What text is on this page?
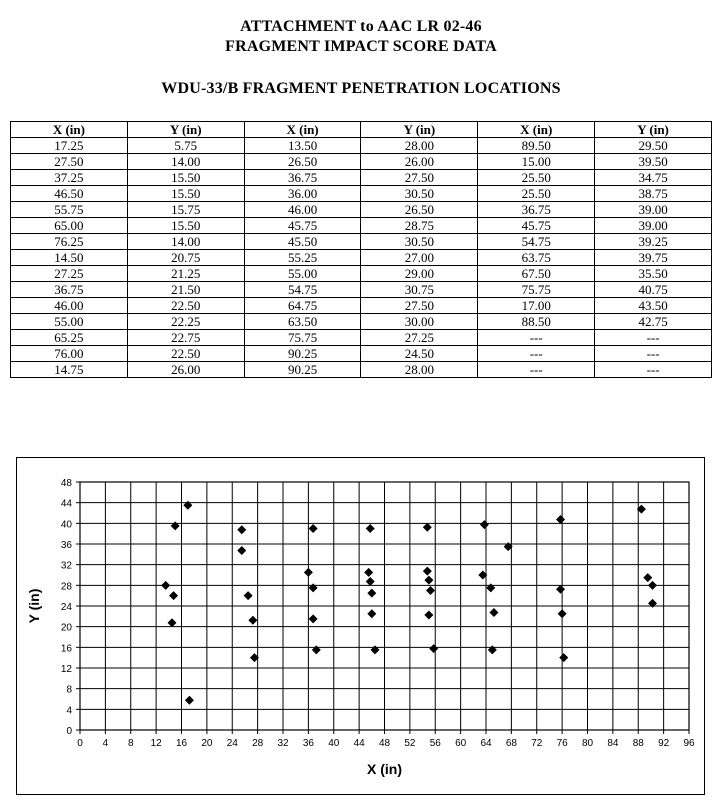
ATTACHMENT to AAC LR 02-46
FRAGMENT IMPACT SCORE DATA
WDU-33/B FRAGMENT PENETRATION LOCATIONS
X (in)	Y (in)	X (in)	Y (in)	X (in)	Y (in)
17.25	5.75	13.50	28.00	89.50	29.50
27.50	14.00	26.50	26.00	15.00	39.50
37.25	15.50	36.75	27.50	25.50	34.75
46.50	15.50	36.00	30.50	25.50	38.75
55.75	15.75	46.00	26.50	36.75	39.00
65.00	15.50	45.75	28.75	45.75	39.00
76.25	14.00	45.50	30.50	54.75	39.25
14.50	20.75	55.25	27.00	63.75	39.75
27.25	21.25	55.00	29.00	67.50	35.50
36.75	21.50	54.75	30.75	75.75	40.75
46.00	22.50	64.75	27.50	17.00	43.50
55.00	22.25	63.50	30.00	88.50	42.75
65.25	22.75	75.75	27.25	---	---
76.00	22.50	90.25	24.50	---	---
14.75	26.00	90.25	28.00	---	---
0 4 8 12 16 20 24 28 32 36 40 44 48 52 56 60 64 68 72 76 80 84 88 92 96
0
4
8
12
16
20
24
28
32
36
40
44
48
X (in)
Y (in)
